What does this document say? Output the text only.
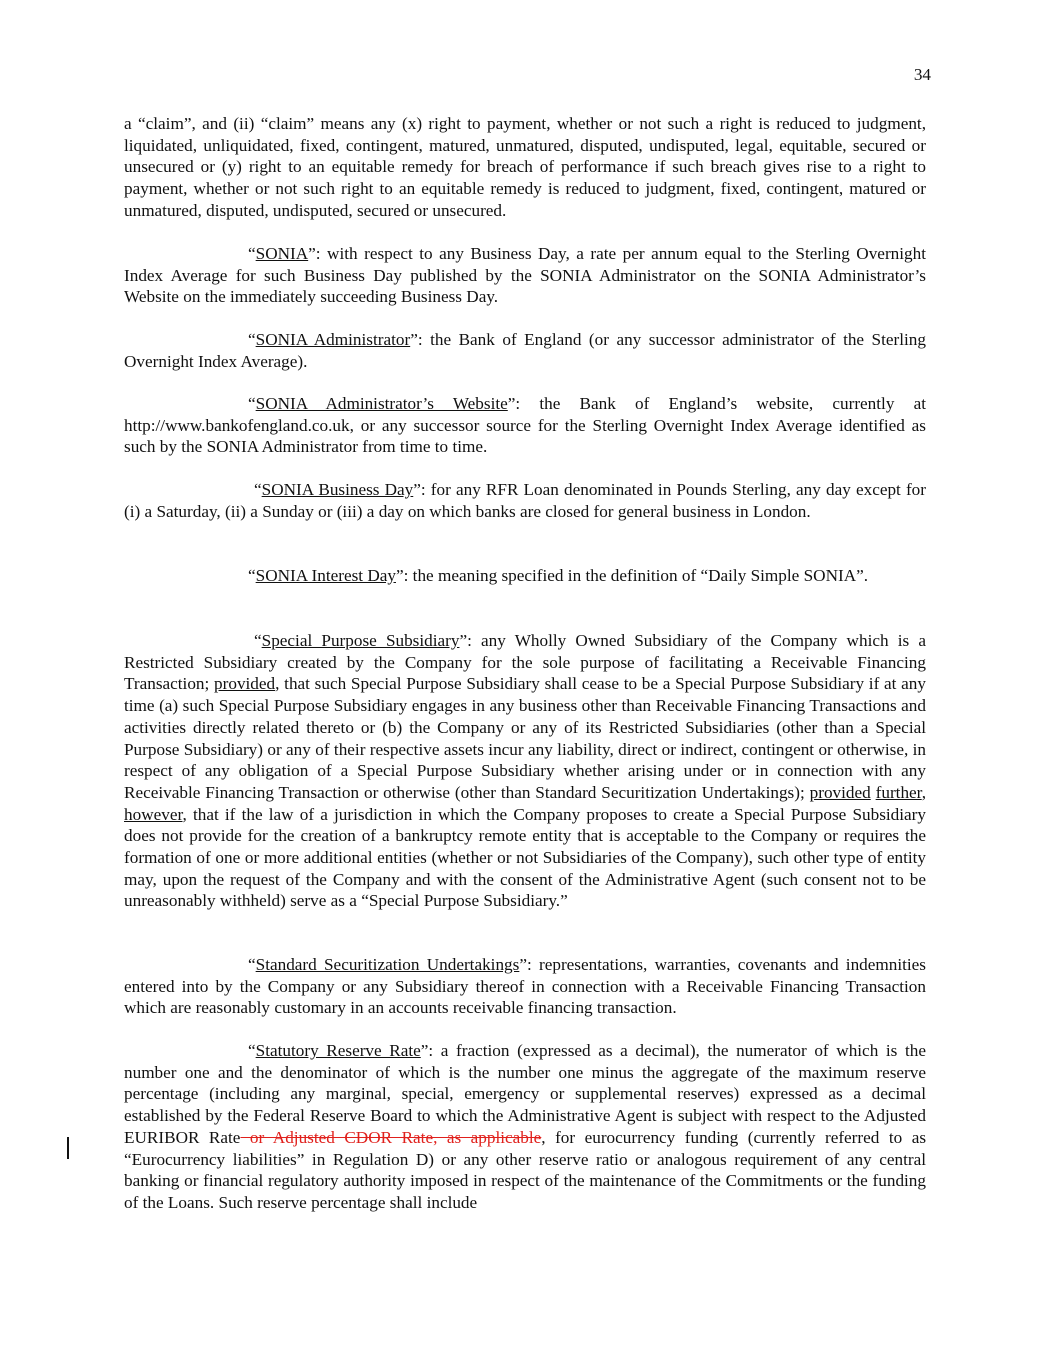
34

a “claim”, and (ii) “claim” means any (x) right to payment, whether or not such a right is reduced to judgment, liquidated, unliquidated, fixed, contingent, matured, unmatured, disputed, undisputed, legal, equitable, secured or unsecured or (y) right to an equitable remedy for breach of performance if such breach gives rise to a right to payment, whether or not such right to an equitable remedy is reduced to judgment, fixed, contingent, matured or unmatured, disputed, undisputed, secured or unsecured.

“SONIA”: with respect to any Business Day, a rate per annum equal to the Sterling Overnight Index Average for such Business Day published by the SONIA Administrator on the SONIA Administrator’s Website on the immediately succeeding Business Day.

“SONIA Administrator”: the Bank of England (or any successor administrator of the Sterling Overnight Index Average).

“SONIA Administrator’s Website”: the Bank of England’s website, currently at http://www.bankofengland.co.uk, or any successor source for the Sterling Overnight Index Average identified as such by the SONIA Administrator from time to time.

“SONIA Business Day”: for any RFR Loan denominated in Pounds Sterling, any day except for (i) a Saturday, (ii) a Sunday or (iii) a day on which banks are closed for general business in London.

“SONIA Interest Day”: the meaning specified in the definition of “Daily Simple SONIA”.

“Special Purpose Subsidiary”: any Wholly Owned Subsidiary of the Company which is a Restricted Subsidiary created by the Company for the sole purpose of facilitating a Receivable Financing Transaction; provided, that such Special Purpose Subsidiary shall cease to be a Special Purpose Subsidiary if at any time (a) such Special Purpose Subsidiary engages in any business other than Receivable Financing Transactions and activities directly related thereto or (b) the Company or any of its Restricted Subsidiaries (other than a Special Purpose Subsidiary) or any of their respective assets incur any liability, direct or indirect, contingent or otherwise, in respect of any obligation of a Special Purpose Subsidiary whether arising under or in connection with any Receivable Financing Transaction or otherwise (other than Standard Securitization Undertakings); provided further, however, that if the law of a jurisdiction in which the Company proposes to create a Special Purpose Subsidiary does not provide for the creation of a bankruptcy remote entity that is acceptable to the Company or requires the formation of one or more additional entities (whether or not Subsidiaries of the Company), such other type of entity may, upon the request of the Company and with the consent of the Administrative Agent (such consent not to be unreasonably withheld) serve as a “Special Purpose Subsidiary.”

“Standard Securitization Undertakings”: representations, warranties, covenants and indemnities entered into by the Company or any Subsidiary thereof in connection with a Receivable Financing Transaction which are reasonably customary in an accounts receivable financing transaction.

“Statutory Reserve Rate”: a fraction (expressed as a decimal), the numerator of which is the number one and the denominator of which is the number one minus the aggregate of the maximum reserve percentage (including any marginal, special, emergency or supplemental reserves) expressed as a decimal established by the Federal Reserve Board to which the Administrative Agent is subject with respect to the Adjusted EURIBOR Rate or Adjusted CDOR Rate, as applicable, for eurocurrency funding (currently referred to as “Eurocurrency liabilities” in Regulation D) or any other reserve ratio or analogous requirement of any central banking or financial regulatory authority imposed in respect of the maintenance of the Commitments or the funding of the Loans. Such reserve percentage shall include
